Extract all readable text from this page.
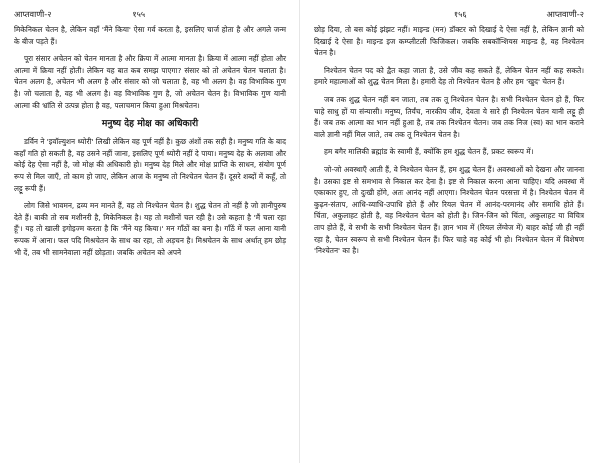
आप्तवाणी-२	१५५

मिकेनिकल चेतन है, लेकिन वहाँ 'मैंने किया' ऐसा गर्व करता है, इसलिए चार्ज होता है और अगले जन्म के बीज पड़ते हैं।

पूरा संसार अचेतन को चेतन मानता है और क्रिया में आत्मा मानता है। क्रिया में आत्मा नहीं होता और आत्मा में क्रिया नहीं होती। लेकिन यह बात कब समझ पाएगा? संसार को तो अचेतन चेतन चलाता है। चेतन अलग है, अचेतन भी अलग है और संसार को जो चलाता है, वह भी अलग है। वह विभाविक गुण है। जो चलाता है, वह भी अलग है। वह विभाविक गुण है, जो अचेतन चेतन है। विभाविक गुण यानी आत्मा की भ्रांति से उत्पन्न होता है वह, पलाचमान किया हुआ मिश्रचेतन।

मनुष्य देह मोक्ष का अधिकारी

डर्विन ने 'इवॉल्युशन थ्योरी' लिखी लेकिन वह पूर्ण नहीं है। कुछ अंशों तक सही है। मनुष्य गति के बाद कहाँ गति हो सकती है, वह उसने नहीं जाना, इसलिए पूर्ण थ्योरी नहीं दे पाया। मनुष्य देह के अलावा और कोई देह ऐसा नहीं है, जो मोक्ष की अधिकारी हो। मनुष्य देह मिले और मोक्ष प्राप्ति के साधन, संयोग पूर्ण रूप से मिल जाएँ, तो काम हो जाए, लेकिन आज के मनुष्य तो निश्चेतन चेतन हैं। दूसरे शब्दों में कहूँ, तो लट्टू रूपी हैं।

लोग जिसे भावमन, द्रव्य मन मानते हैं, वह तो निश्चेतन चेतन है। शुद्ध चेतन तो नहीं है जो ज्ञानीपुरुष देते हैं। बाकी तो सब मशीनरी है, मिकेनिकल है। यह तो मशीनों चल रही है। उसे कहता है 'मैं चला रहा हूँ'। यह तो खाली इगोइज्म करता है कि 'मैंने यह किया।' मन गाँठों का बना है। गाँठें में फल आना यानी रूपक में आना। फल पदि मिश्रचेतन के साथ का रहा, तो अड़चन है। मिश्रचेतन के साथ अर्थात् हम छोड़ भी दें, तब भी सामनेवाला नहीं छोड़ता। जबकि अचेतन को अपने

१५६	आप्तवाणी-२

छोड़ दिया, तो बस कोई झंझट नहीं। माइन्ड (मन) डॉक्टर को दिखाई दे ऐसा नहीं है, लेकिन ज्ञानी को दिखाई दे ऐसा है। माइन्ड इज कम्प्लीटली फिजिकल। जबकि सबकॉन्शियस माइन्ड है, वह निश्चेतन चेतन है।

निश्चेतन चेतन पद को द्वैत कहा जाता है, उसे जीव कह सकते हैं, लेकिन चेतन नहीं कह सकते। हमारे महात्माओं को शुद्ध चेतन मिला है। हमारी देह तो निश्चेतन चेतन है और हम 'खुद' चेतन हैं।

जब तक शुद्ध चेतन नहीं बन जाता, तब तक तू निश्चेतन चेतन है। सभी निश्चेतन चेतन हो हैं, फिर चाहे साधु हों या संन्यासी। मनुष्य, तिर्यंच, नारकीय जीव, देवता ये सारे ही निश्चेतन चेतन यानी लट्टू ही हैं। जब तक आत्मा का भान नहीं हुआ है, तब तक निश्चेतन चेतन। जब तक निज (स्व) का भान कराने वाले ज्ञानी नहीं मिल जाते, तब तक तू निश्चेतन चेतन है।

हम बगैर मालिकी ब्रह्मांड के स्वामी हैं, क्योंकि हम शुद्ध चेतन हैं, प्रकट स्वरूप में।

जो-जो अवस्थाएँ आती हैं, वे निश्चेतन चेतन हैं, हम शुद्ध चेतन हैं। अवस्थाओं को देखना और जानना है। उसका इष्ट से समभाव से निकाल कर देना है। इष्ट से निकाल करना आना चाहिए। यदि अवस्था में एकाकार हुए, तो दुःखी होंगे, अतः आनंद नहीं आएगा। निश्चेतन चेतन परसत्ता में है। निश्चेतन चेतन में कुढ़न-संताप, आधि-व्याधि-उपाधि होते हैं और रियल चेतन में आनंद-परमानंद और समाधि होते हैं। चिंता, अकुलाहट होती है, वह निश्चेतन चेतन को होती है। जिन-जिन को चिंता, अकुलाहट या विचित्र ताप होते हैं, वे सभी के सभी निश्चेतन चेतन हैं। ज्ञान भाव में (रियल लेंग्वेज में) बाहर कोई जी ही नहीं रहा है, चेतन स्वरूप से सभी निश्चेतन चेतन हैं। फिर चाहे वह कोई भी हो। निश्चेतन चेतन में विशेषण 'निश्चेतन' का है।
